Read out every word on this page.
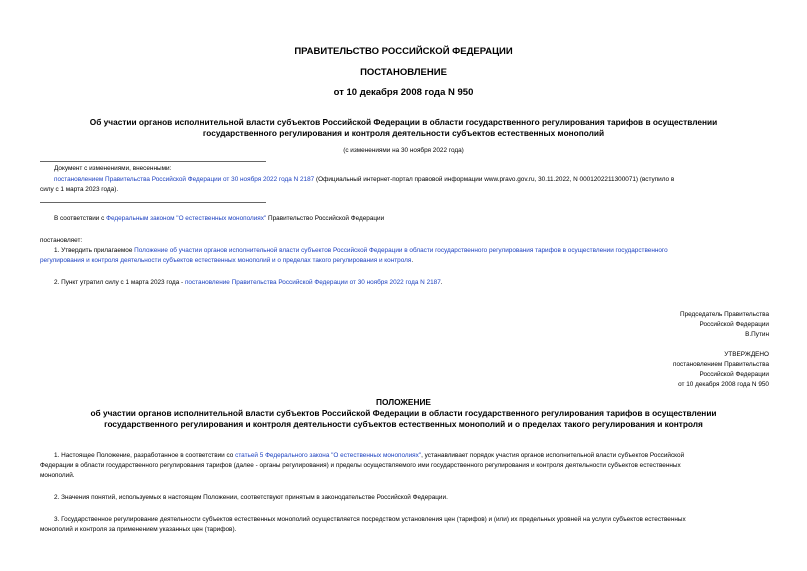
ПРАВИТЕЛЬСТВО РОССИЙСКОЙ ФЕДЕРАЦИИ
ПОСТАНОВЛЕНИЕ
от 10 декабря 2008 года N 950
Об участии органов исполнительной власти субъектов Российской Федерации в области государственного регулирования тарифов в осуществлении
государственного регулирования и контроля деятельности субъектов естественных монополий
(с изменениями на 30 ноября 2022 года)
Документ с изменениями, внесенными:
постановлением Правительства Российской Федерации от 30 ноября 2022 года N 2187 (Официальный интернет-портал правовой информации www.pravo.gov.ru, 30.11.2022, N 0001202211300071) (вступило в
силу с 1 марта 2023 года).
В соответствии с Федеральным законом "О естественных монополиях" Правительство Российской Федерации
постановляет:
1. Утвердить прилагаемое Положение об участии органов исполнительной власти субъектов Российской Федерации в области государственного регулирования тарифов в осуществлении государственного
регулирования и контроля деятельности субъектов естественных монополий и о пределах такого регулирования и контроля.
2. Пункт утратил силу с 1 марта 2023 года - постановление Правительства Российской Федерации от 30 ноября 2022 года N 2187.
Председатель Правительства
Российской Федерации
В.Путин
УТВЕРЖДЕНО
постановлением Правительства
Российской Федерации
от 10 декабря 2008 года N 950
ПОЛОЖЕНИЕ
об участии органов исполнительной власти субъектов Российской Федерации в области государственного регулирования тарифов в осуществлении
государственного регулирования и контроля деятельности субъектов естественных монополий и о пределах такого регулирования и контроля
1. Настоящее Положение, разработанное в соответствии со статьей 5 Федерального закона "О естественных монополиях", устанавливает порядок участия органов исполнительной власти субъектов Российской
Федерации в области государственного регулирования тарифов (далее - органы регулирования) и пределы осуществляемого ими государственного регулирования и контроля деятельности субъектов естественных
монополий.
2. Значения понятий, используемых в настоящем Положении, соответствуют принятым в законодательстве Российской Федерации.
3. Государственное регулирование деятельности субъектов естественных монополий осуществляется посредством установления цен (тарифов) и (или) их предельных уровней на услуги субъектов естественных
монополий и контроля за применением указанных цен (тарифов).
